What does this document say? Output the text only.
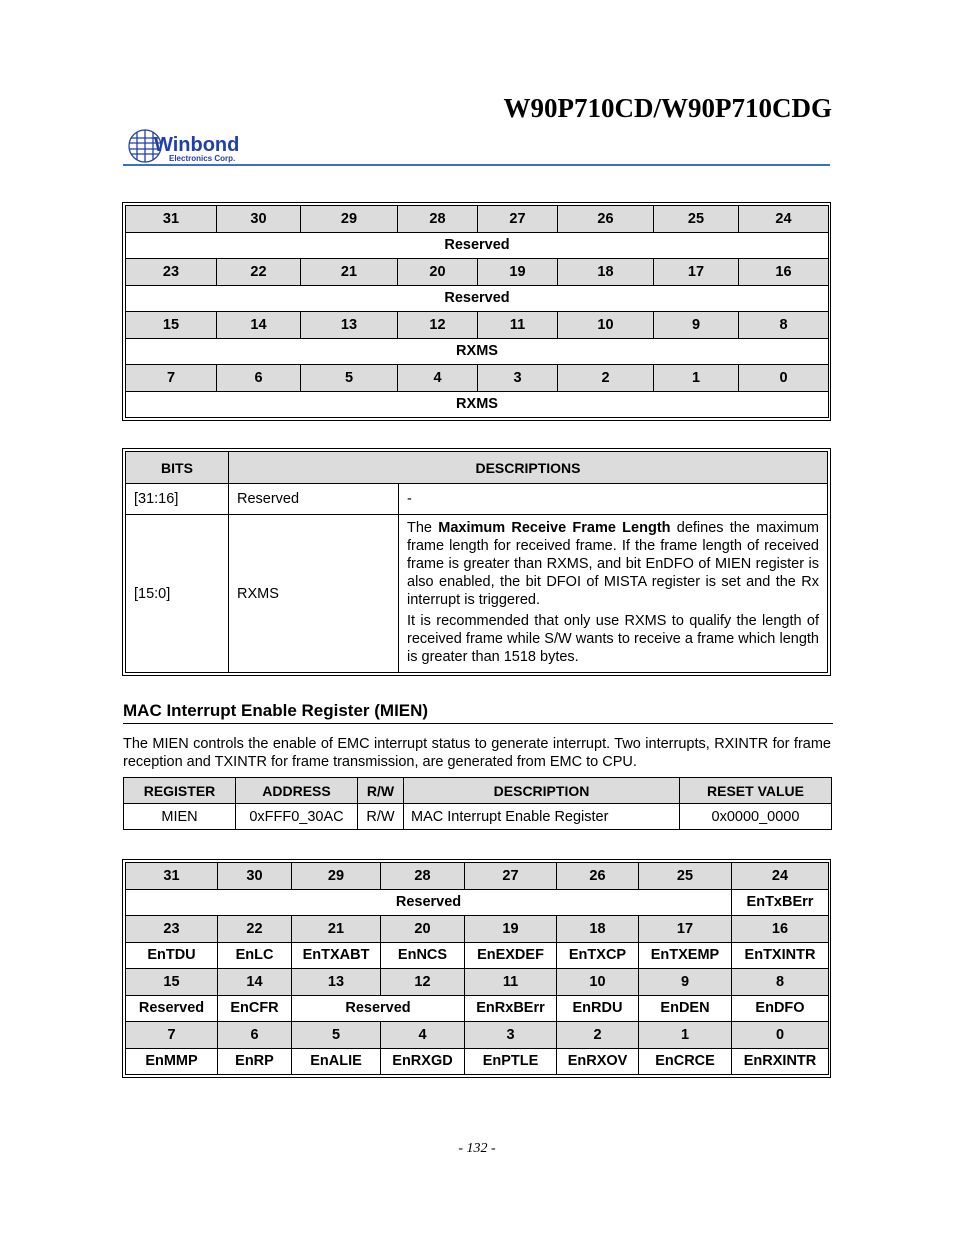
W90P710CD/W90P710CDG
Winbond
Electronics Corp.
31	30	29	28	27	26	25	24
Reserved							
23	22	21	20	19	18	17	16
Reserved							
15	14	13	12	11	10	9	8
RXMS							
7	6	5	4	3	2	1	0
RXMS							
BITS	DESCRIPTIONS	
[31:16]	Reserved	-
[15:0]	RXMS	The Maximum Receive Frame Length defines the maximum frame length for received frame. If the frame length of received frame is greater than RXMS, and bit EnDFO of MIEN register is also enabled, the bit DFOI of MISTA register is set and the Rx interrupt is triggered.

It is recommended that only use RXMS to qualify the length of received frame while S/W wants to receive a frame which length is greater than 1518 bytes.

MAC Interrupt Enable Register (MIEN)
The MIEN controls the enable of EMC interrupt status to generate interrupt. Two interrupts, RXINTR for frame reception and TXINTR for frame transmission, are generated from EMC to CPU.
REGISTER	ADDRESS	R/W	DESCRIPTION	RESET VALUE
MIEN	0xFFF0_30AC	R/W	MAC Interrupt Enable Register	0x0000_0000
31	30	29	28	27	26	25	24
Reserved							EnTxBErr
23	22	21	20	19	18	17	16
EnTDU	EnLC	EnTXABT	EnNCS	EnEXDEF	EnTXCP	EnTXEMP	EnTXINTR
15	14	13	12	11	10	9	8
Reserved	EnCFR	Reserved		EnRxBErr	EnRDU	EnDEN	EnDFO
7	6	5	4	3	2	1	0
EnMMP	EnRP	EnALIE	EnRXGD	EnPTLE	EnRXOV	EnCRCE	EnRXINTR
- 132 -
